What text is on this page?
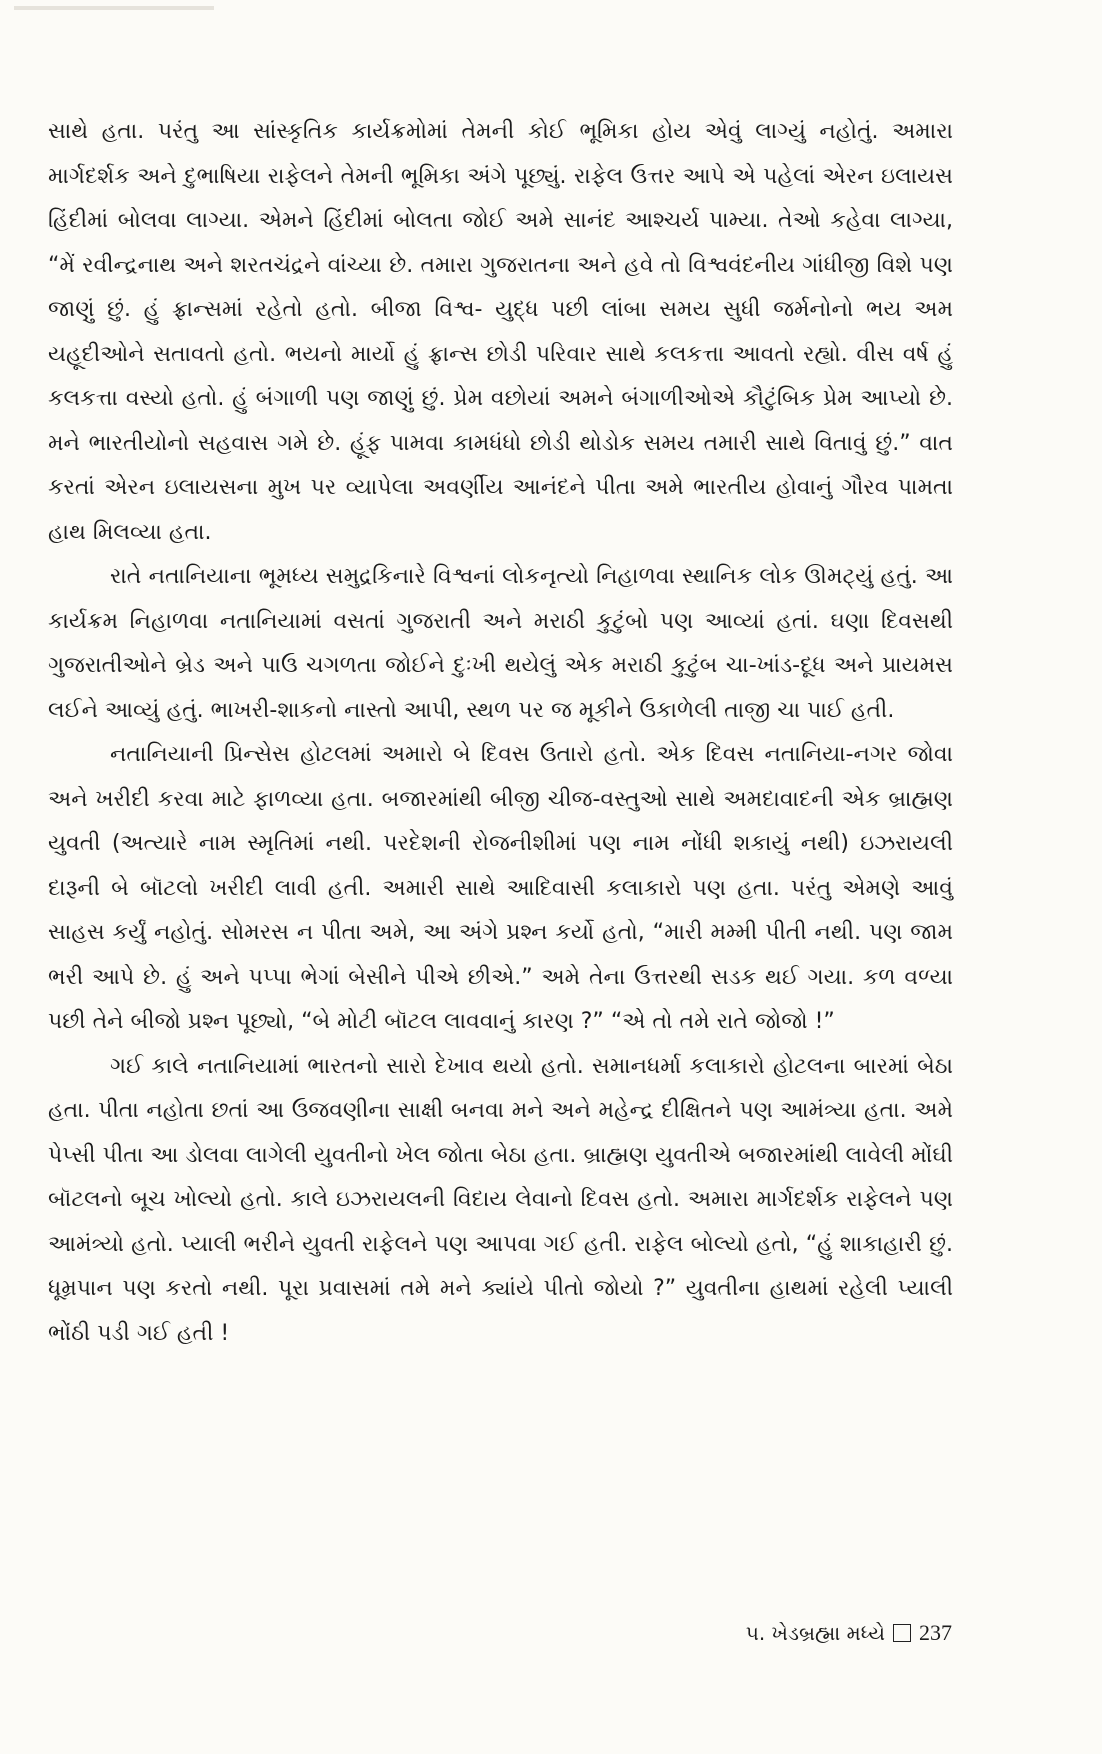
સાથે હતા. પરંતુ આ સાંસ્કૃતિક કાર્યક્રમોમાં તેમની કોઈ ભૂમિકા હોય એવું લાગ્યું નહોતું. અમારા માર્ગદર્શક અને દુભાષિયા રાફેલને તેમની ભૂમિકા અંગે પૂછ્યું. રાફેલ ઉત્તર આપે એ પહેલાં એરન ઇલાયસ હિંદીમાં બોલવા લાગ્યા. એમને હિંદીમાં બોલતા જોઈ અમે સાનંદ આશ્ચર્ય પામ્યા. તેઓ કહેવા લાગ્યા, “મેં રવીન્દ્રનાથ અને શરતચંદ્રને વાંચ્યા છે. તમારા ગુજરાતના અને હવે તો વિશ્વવંદનીય ગાંધીજી વિશે પણ જાણું છું. હું ફ્રાન્સમાં રહેતો હતો. બીજા વિશ્વ- યુદ્ધ પછી લાંબા સમય સુધી જર્મનોનો ભય અમ યહૂદીઓને સતાવતો હતો. ભયનો માર્યો હું ફ્રાન્સ છોડી પરિવાર સાથે કલકત્તા આવતો રહ્યો. વીસ વર્ષ હું કલકત્તા વસ્યો હતો. હું બંગાળી પણ જાણું છું. પ્રેમ વછોયાં અમને બંગાળીઓએ કૌટુંબિક પ્રેમ આપ્યો છે. મને ભારતીયોનો સહવાસ ગમે છે. હૂંફ પામવા કામધંધો છોડી થોડોક સમય તમારી સાથે વિતાવું છું.” વાત કરતાં એરન ઇલાયસના મુખ પર વ્યાપેલા અવર્ણીય આનંદને પીતા અમે ભારતીય હોવાનું ગૌરવ પામતા હાથ મિલવ્યા હતા.

રાતે નતાનિયાના ભૂમધ્ય સમુદ્રકિનારે વિશ્વનાં લોકનૃત્યો નિહાળવા સ્થાનિક લોક ઊમટ્યું હતું. આ કાર્યક્રમ નિહાળવા નતાનિયામાં વસતાં ગુજરાતી અને મરાઠી કુટુંબો પણ આવ્યાં હતાં. ઘણા દિવસથી ગુજરાતીઓને બ્રેડ અને પાઉ ચગળતા જોઈને દુઃખી થયેલું એક મરાઠી કુટુંબ ચા-ખાંડ-દૂધ અને પ્રાયમસ લઈને આવ્યું હતું. ભાખરી-શાકનો નાસ્તો આપી, સ્થળ પર જ મૂકીને ઉકાળેલી તાજી ચા પાઈ હતી.

નતાનિયાની પ્રિન્સેસ હોટલમાં અમારો બે દિવસ ઉતારો હતો. એક દિવસ નતાનિયા-નગર જોવા અને ખરીદી કરવા માટે ફાળવ્યા હતા. બજારમાંથી બીજી ચીજ-વસ્તુઓ સાથે અમદાવાદની એક બ્રાહ્મણ યુવતી (અત્યારે નામ સ્મૃતિમાં નથી. પરદેશની રોજનીશીમાં પણ નામ નોંધી શકાયું નથી) ઇઝરાયલી દારૂની બે બૉટલો ખરીદી લાવી હતી. અમારી સાથે આદિવાસી કલાકારો પણ હતા. પરંતુ એમણે આવું સાહસ કર્યું નહોતું. સોમરસ ન પીતા અમે, આ અંગે પ્રશ્ન કર્યો હતો, “મારી મમ્મી પીતી નથી. પણ જામ ભરી આપે છે. હું અને પપ્પા ભેગાં બેસીને પીએ છીએ.” અમે તેના ઉત્તરથી સડક થઈ ગયા. કળ વળ્યા પછી તેને બીજો પ્રશ્ન પૂછ્યો, “બે મોટી બૉટલ લાવવાનું કારણ ?” “એ તો તમે રાતે જોજો !”

ગઈ કાલે નતાનિયામાં ભારતનો સારો દેખાવ થયો હતો. સમાનધર્મા કલાકારો હોટલના બારમાં બેઠા હતા. પીતા નહોતા છતાં આ ઉજવણીના સાક્ષી બનવા મને અને મહેન્દ્ર દીક્ષિતને પણ આમંત્ર્યા હતા. અમે પેપ્સી પીતા આ ડોલવા લાગેલી યુવતીનો ખેલ જોતા બેઠા હતા. બ્રાહ્મણ યુવતીએ બજારમાંથી લાવેલી મોંઘી બૉટલનો બૂચ ખોલ્યો હતો. કાલે ઇઝરાયલની વિદાય લેવાનો દિવસ હતો. અમારા માર્ગદર્શક રાફેલને પણ આમંત્ર્યો હતો. પ્યાલી ભરીને યુવતી રાફેલને પણ આપવા ગઈ હતી. રાફેલ બોલ્યો હતો, “હું શાકાહારી છું. ધૂમ્રપાન પણ કરતો નથી. પૂરા પ્રવાસમાં તમે મને ક્યાંયે પીતો જોયો ?” યુવતીના હાથમાં રહેલી પ્યાલી ભોંઠી પડી ગઈ હતી !

૫. ખેડબ્રહ્મા મધ્યે 237
